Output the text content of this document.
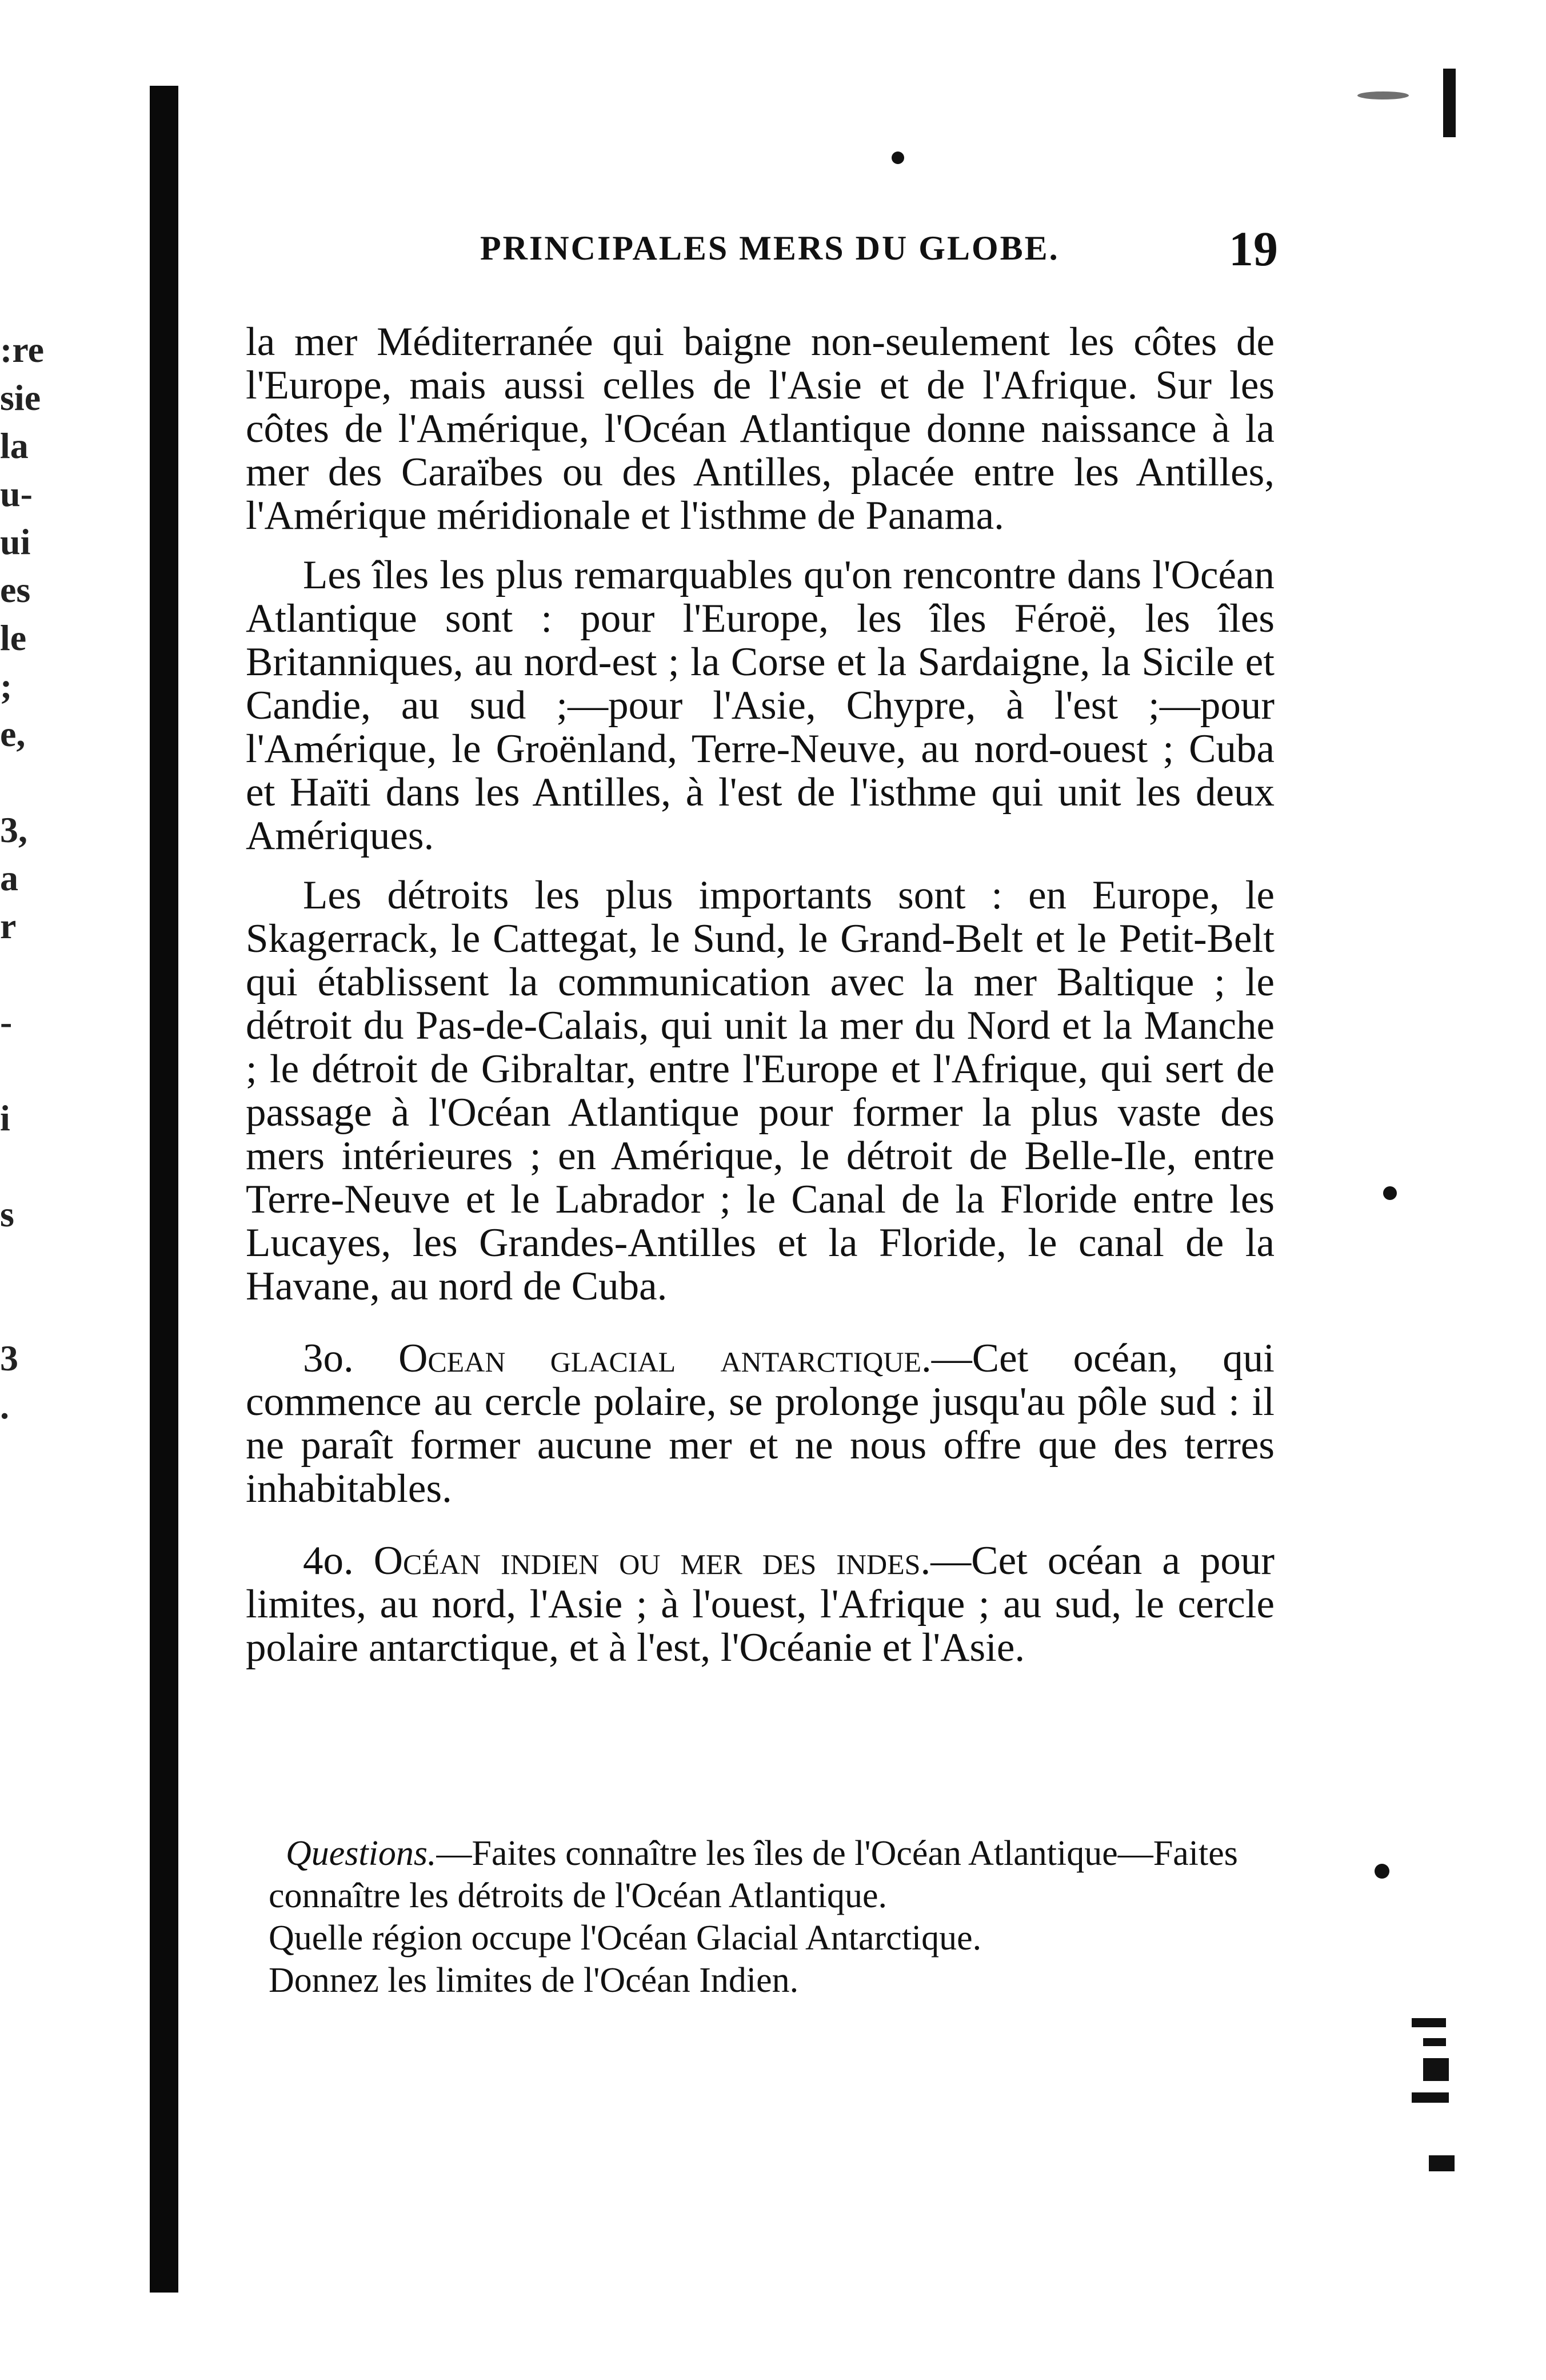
:re
sie
la
u-
ui
es
le
;
e,
3,
a
r
-
i
s
3
.
PRINCIPALES MERS DU GLOBE.	19

la mer Méditerranée qui baigne non-seulement les côtes de l'Europe, mais aussi celles de l'Asie et de l'Afrique. Sur les côtes de l'Amérique, l'Océan Atlantique donne naissance à la mer des Caraïbes ou des Antilles, placée entre les Antilles, l'Amérique méridionale et l'isthme de Panama.

Les îles les plus remarquables qu'on rencontre dans l'Océan Atlantique sont : pour l'Europe, les îles Féroë, les îles Britanniques, au nord-est ; la Corse et la Sardaigne, la Sicile et Candie, au sud ;—pour l'Asie, Chypre, à l'est ;—pour l'Amérique, le Groënland, Terre-Neuve, au nord-ouest ; Cuba et Haïti dans les Antilles, à l'est de l'isthme qui unit les deux Amériques.

Les détroits les plus importants sont : en Europe, le Skagerrack, le Cattegat, le Sund, le Grand-Belt et le Petit-Belt qui établissent la communication avec la mer Baltique ; le détroit du Pas-de-Calais, qui unit la mer du Nord et la Manche ; le détroit de Gibraltar, entre l'Europe et l'Afrique, qui sert de passage à l'Océan Atlantique pour former la plus vaste des mers intérieures ; en Amérique, le détroit de Belle-Ile, entre Terre-Neuve et le Labrador ; le Canal de la Floride entre les Lucayes, les Grandes-Antilles et la Floride, le canal de la Havane, au nord de Cuba.

3o. Ocean glacial antarctique.—Cet océan, qui commence au cercle polaire, se prolonge jusqu'au pôle sud : il ne paraît former aucune mer et ne nous offre que des terres inhabitables.

4o. Océan indien ou mer des indes.—Cet océan a pour limites, au nord, l'Asie ; à l'ouest, l'Afrique ; au sud, le cercle polaire antarctique, et à l'est, l'Océanie et l'Asie.

Questions.—Faites connaître les îles de l'Océan Atlantique—Faites connaître les détroits de l'Océan Atlantique.

Quelle région occupe l'Océan Glacial Antarctique.

Donnez les limites de l'Océan Indien.
